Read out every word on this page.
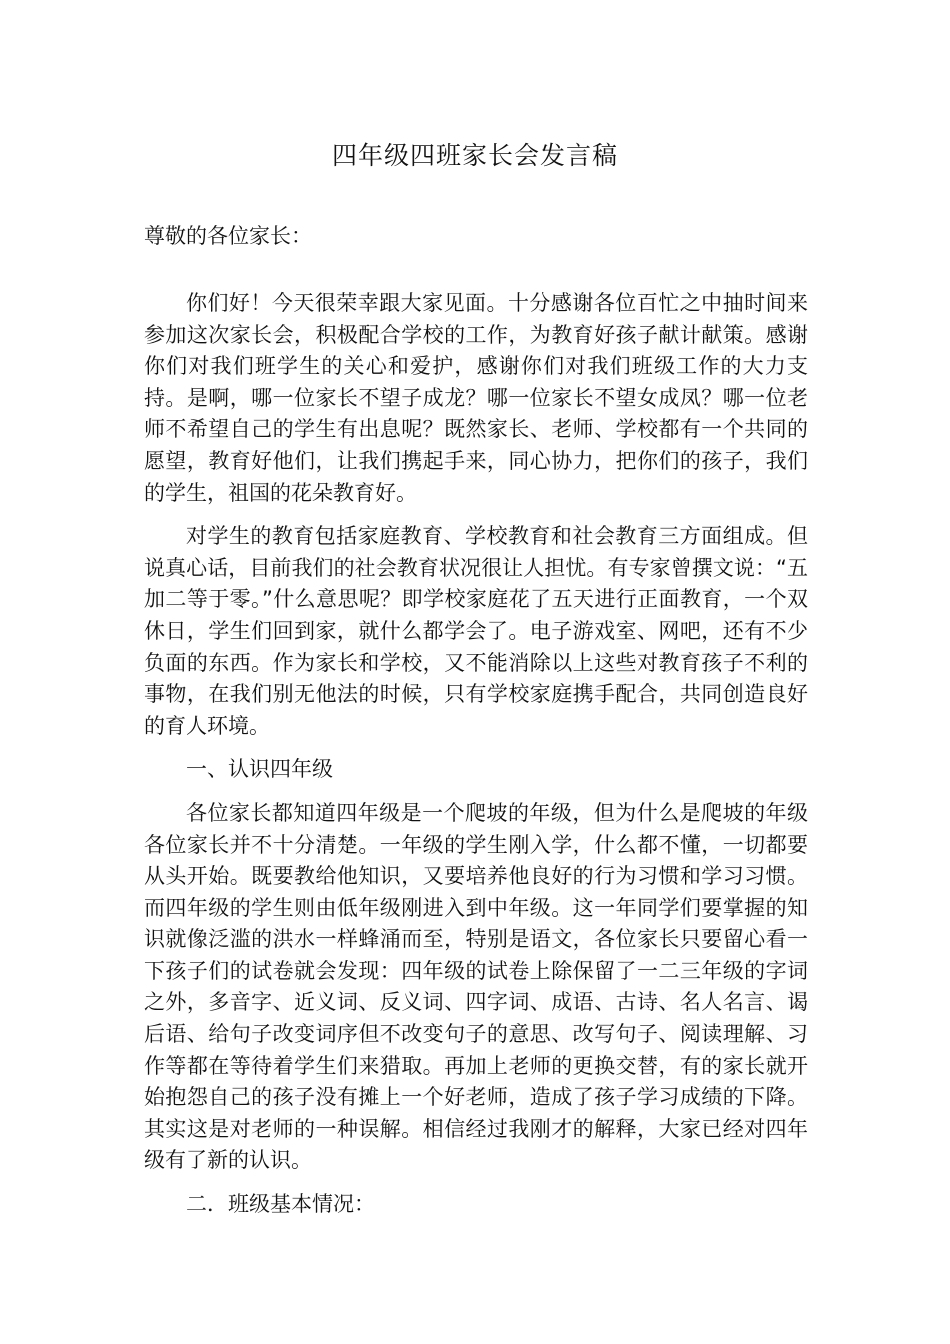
四年级四班家长会发言稿

尊敬的各位家长：

你们好！今天很荣幸跟大家见面。十分感谢各位百忙之中抽时间来参加这次家长会，积极配合学校的工作，为教育好孩子献计献策。感谢你们对我们班学生的关心和爱护，感谢你们对我们班级工作的大力支持。是啊，哪一位家长不望子成龙？哪一位家长不望女成凤？哪一位老师不希望自己的学生有出息呢？既然家长、老师、学校都有一个共同的愿望，教育好他们，让我们携起手来，同心协力，把你们的孩子，我们的学生，祖国的花朵教育好。

对学生的教育包括家庭教育、学校教育和社会教育三方面组成。但说真心话，目前我们的社会教育状况很让人担忧。有专家曾撰文说：“五加二等于零。”什么意思呢？即学校家庭花了五天进行正面教育，一个双休日，学生们回到家，就什么都学会了。电子游戏室、网吧，还有不少负面的东西。作为家长和学校，又不能消除以上这些对教育孩子不利的事物，在我们别无他法的时候，只有学校家庭携手配合，共同创造良好的育人环境。

一、认识四年级

各位家长都知道四年级是一个爬坡的年级，但为什么是爬坡的年级各位家长并不十分清楚。一年级的学生刚入学，什么都不懂，一切都要从头开始。既要教给他知识，又要培养他良好的行为习惯和学习习惯。而四年级的学生则由低年级刚进入到中年级。这一年同学们要掌握的知识就像泛滥的洪水一样蜂涌而至，特别是语文，各位家长只要留心看一下孩子们的试卷就会发现：四年级的试卷上除保留了一二三年级的字词之外，多音字、近义词、反义词、四字词、成语、古诗、名人名言、谒后语、给句子改变词序但不改变句子的意思、改写句子、阅读理解、习作等都在等待着学生们来猎取。再加上老师的更换交替，有的家长就开始抱怨自己的孩子没有摊上一个好老师，造成了孩子学习成绩的下降。其实这是对老师的一种误解。相信经过我刚才的解释，大家已经对四年级有了新的认识。

二．班级基本情况：
